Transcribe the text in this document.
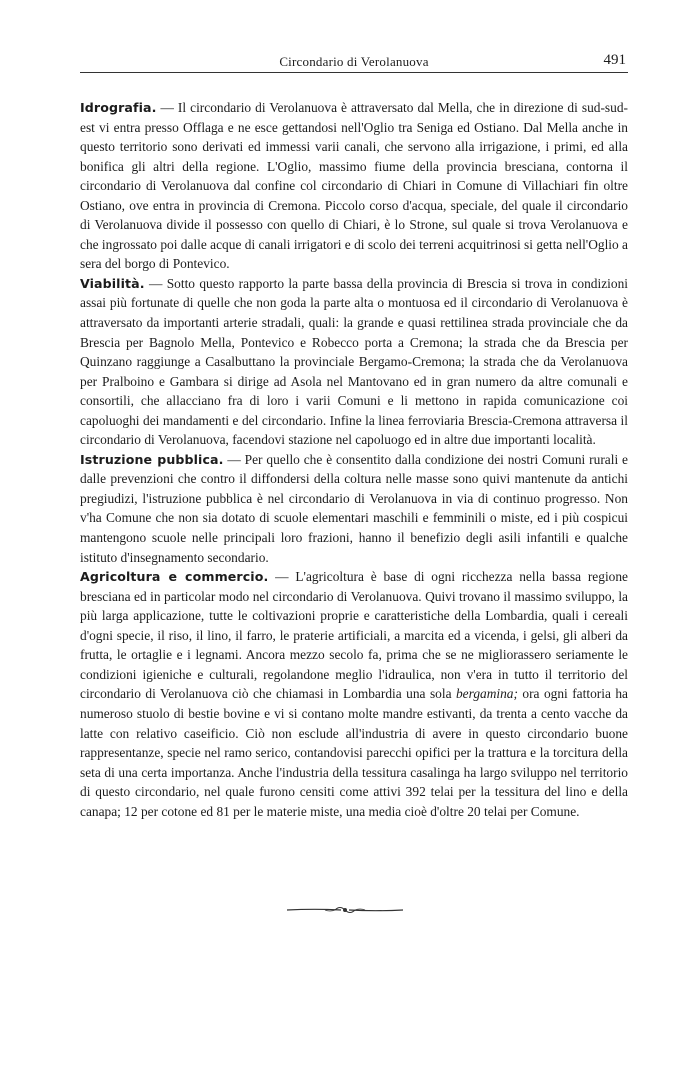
Circondario di Verolanuova	491

Idrografia. — Il circondario di Verolanuova è attraversato dal Mella, che in direzione di sud-sud-est vi entra presso Offlaga e ne esce gettandosi nell'Oglio tra Seniga ed Ostiano. Dal Mella anche in questo territorio sono derivati ed immessi varii canali, che servono alla irrigazione, i primi, ed alla bonifica gli altri della regione. L'Oglio, massimo fiume della provincia bresciana, contorna il circondario di Verolanuova dal confine col circondario di Chiari in Comune di Villachiari fin oltre Ostiano, ove entra in provincia di Cremona. Piccolo corso d'acqua, speciale, del quale il circondario di Verolanuova divide il possesso con quello di Chiari, è lo Strone, sul quale si trova Verolanuova e che ingrossato poi dalle acque di canali irrigatori e di scolo dei terreni acquitrinosi si getta nell'Oglio a sera del borgo di Pontevico.

Viabilità. — Sotto questo rapporto la parte bassa della provincia di Brescia si trova in condizioni assai più fortunate di quelle che non goda la parte alta o montuosa ed il circondario di Verolanuova è attraversato da importanti arterie stradali, quali: la grande e quasi rettilinea strada provinciale che da Brescia per Bagnolo Mella, Pontevico e Robecco porta a Cremona; la strada che da Brescia per Quinzano raggiunge a Casalbuttano la provinciale Bergamo-Cremona; la strada che da Verolanuova per Pralboino e Gambara si dirige ad Asola nel Mantovano ed in gran numero da altre comunali e consortili, che allacciano fra di loro i varii Comuni e li mettono in rapida comunicazione coi capoluoghi dei mandamenti e del circondario. Infine la linea ferroviaria Brescia-Cremona attraversa il circondario di Verolanuova, facendovi stazione nel capoluogo ed in altre due importanti località.

Istruzione pubblica. — Per quello che è consentito dalla condizione dei nostri Comuni rurali e dalle prevenzioni che contro il diffondersi della coltura nelle masse sono quivi mantenute da antichi pregiudizi, l'istruzione pubblica è nel circondario di Verolanuova in via di continuo progresso. Non v'ha Comune che non sia dotato di scuole elementari maschili e femminili o miste, ed i più cospicui mantengono scuole nelle principali loro frazioni, hanno il benefizio degli asili infantili e qualche istituto d'insegnamento secondario.

Agricoltura e commercio. — L'agricoltura è base di ogni ricchezza nella bassa regione bresciana ed in particolar modo nel circondario di Verolanuova. Quivi trovano il massimo sviluppo, la più larga applicazione, tutte le coltivazioni proprie e caratteristiche della Lombardia, quali i cereali d'ogni specie, il riso, il lino, il farro, le praterie artificiali, a marcita ed a vicenda, i gelsi, gli alberi da frutta, le ortaglie e i legnami. Ancora mezzo secolo fa, prima che se ne migliorassero seriamente le condizioni igieniche e culturali, regolandone meglio l'idraulica, non v'era in tutto il territorio del circondario di Verolanuova ciò che chiamasi in Lombardia una sola bergamina; ora ogni fattoria ha numeroso stuolo di bestie bovine e vi si contano molte mandre estivanti, da trenta a cento vacche da latte con relativo caseificio. Ciò non esclude all'industria di avere in questo circondario buone rappresentanze, specie nel ramo serico, contandovisi parecchi opifici per la trattura e la torcitura della seta di una certa importanza. Anche l'industria della tessitura casalinga ha largo sviluppo nel territorio di questo circondario, nel quale furono censiti come attivi 392 telai per la tessitura del lino e della canapa; 12 per cotone ed 81 per le materie miste, una media cioè d'oltre 20 telai per Comune.
